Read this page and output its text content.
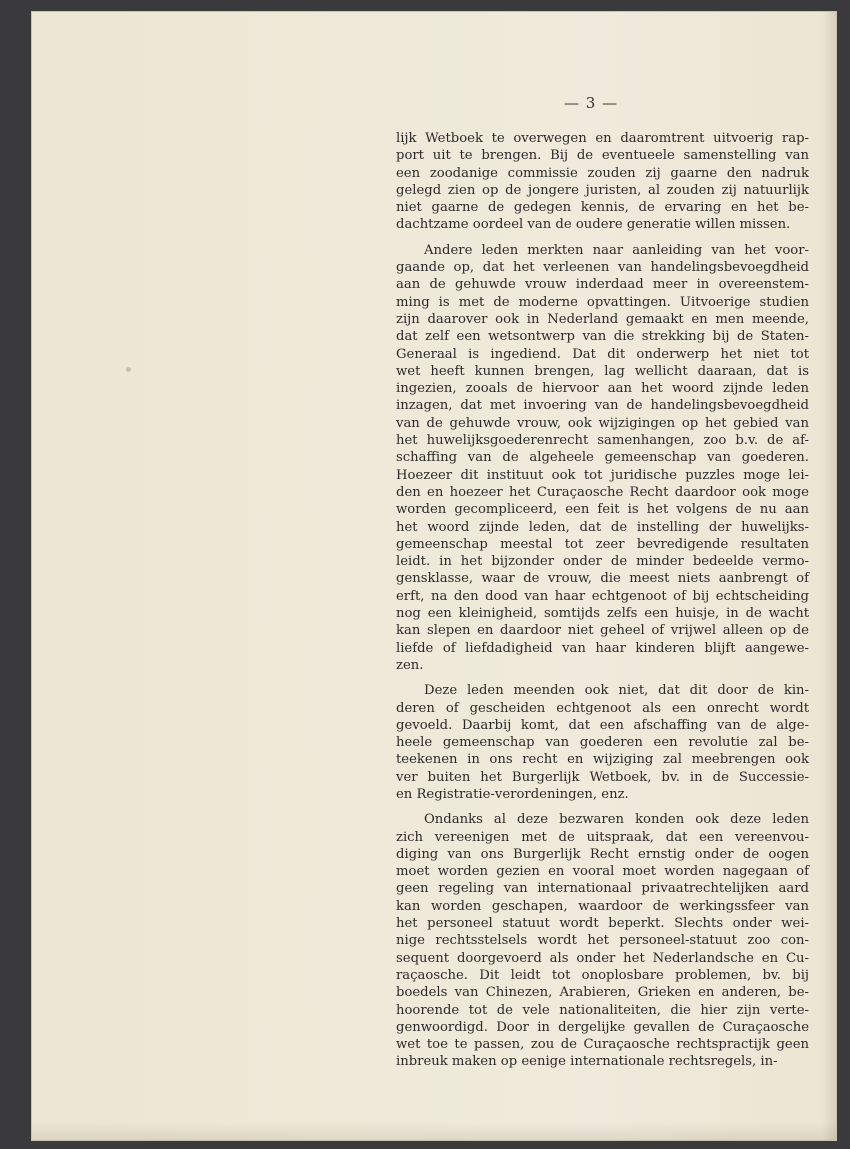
— 3 —
lijk Wetboek te overwegen en daaromtrent uitvoerig rap-
port uit te brengen. Bij de eventueele samenstelling van
een zoodanige commissie zouden zij gaarne den nadruk
gelegd zien op de jongere juristen, al zouden zij natuurlijk
niet gaarne de gedegen kennis, de ervaring en het be-
dachtzame oordeel van de oudere generatie willen missen.
Andere leden merkten naar aanleiding van het voor-
gaande op, dat het verleenen van handelingsbevoegdheid
aan de gehuwde vrouw inderdaad meer in overeenstem-
ming is met de moderne opvattingen. Uitvoerige studien
zijn daarover ook in Nederland gemaakt en men meende,
dat zelf een wetsontwerp van die strekking bij de Staten-
Generaal is ingediend. Dat dit onderwerp het niet tot
wet heeft kunnen brengen, lag wellicht daaraan, dat is
ingezien, zooals de hiervoor aan het woord zijnde leden
inzagen, dat met invoering van de handelingsbevoegdheid
van de gehuwde vrouw, ook wijzigingen op het gebied van
het huwelijksgoederenrecht samenhangen, zoo b.v. de af-
schaffing van de algeheele gemeenschap van goederen.
Hoezeer dit instituut ook tot juridische puzzles moge lei-
den en hoezeer het Curaçaosche Recht daardoor ook moge
worden gecompliceerd, een feit is het volgens de nu aan
het woord zijnde leden, dat de instelling der huwelijks-
gemeenschap meestal tot zeer bevredigende resultaten
leidt. in het bijzonder onder de minder bedeelde vermo-
gensklasse, waar de vrouw, die meest niets aanbrengt of
erft, na den dood van haar echtgenoot of bij echtscheiding
nog een kleinigheid, somtijds zelfs een huisje, in de wacht
kan slepen en daardoor niet geheel of vrijwel alleen op de
liefde of liefdadigheid van haar kinderen blijft aangewe-
zen.
Deze leden meenden ook niet, dat dit door de kin-
deren of gescheiden echtgenoot als een onrecht wordt
gevoeld. Daarbij komt, dat een afschaffing van de alge-
heele gemeenschap van goederen een revolutie zal be-
teekenen in ons recht en wijziging zal meebrengen ook
ver buiten het Burgerlijk Wetboek, bv. in de Successie-
en Registratie-verordeningen, enz.
Ondanks al deze bezwaren konden ook deze leden
zich vereenigen met de uitspraak, dat een vereenvou-
diging van ons Burgerlijk Recht ernstig onder de oogen
moet worden gezien en vooral moet worden nagegaan of
geen regeling van internationaal privaatrechtelijken aard
kan worden geschapen, waardoor de werkingssfeer van
het personeel statuut wordt beperkt. Slechts onder wei-
nige rechtsstelsels wordt het personeel-statuut zoo con-
sequent doorgevoerd als onder het Nederlandsche en Cu-
raçaosche. Dit leidt tot onoplosbare problemen, bv. bij
boedels van Chinezen, Arabieren, Grieken en anderen, be-
hoorende tot de vele nationaliteiten, die hier zijn verte-
genwoordigd. Door in dergelijke gevallen de Curaçaosche
wet toe te passen, zou de Curaçaosche rechtspractijk geen
inbreuk maken op eenige internationale rechtsregels, in-
